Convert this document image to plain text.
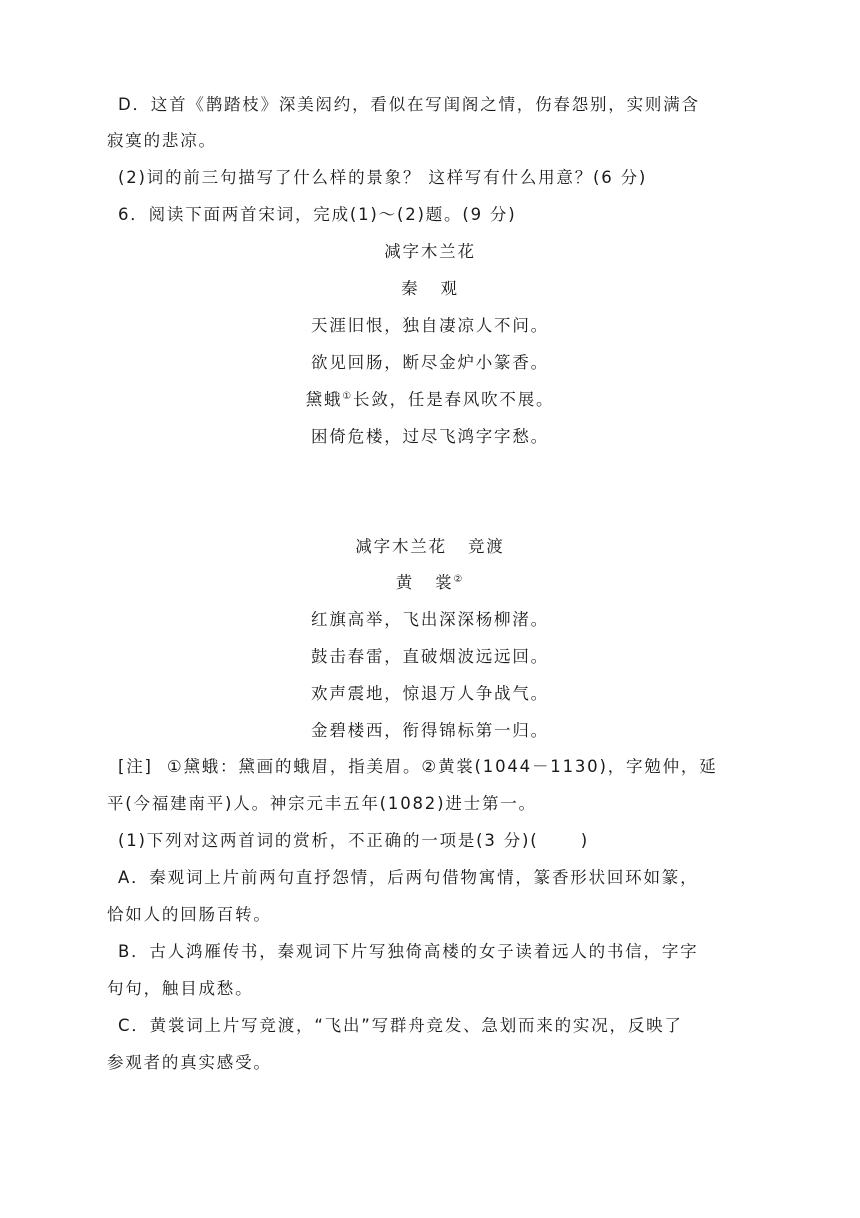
D．这首《鹊踏枝》深美闳约，看似在写闺阁之情，伤春怨别，实则满含
寂寞的悲凉。
(2)词的前三句描写了什么样的景象？ 这样写有什么用意？(6 分)
6．阅读下面两首宋词，完成(1)～(2)题。(9 分)
减字木兰花
秦   观
天涯旧恨，独自凄凉人不问。
欲见回肠，断尽金炉小篆香。
黛蛾①长敛，任是春风吹不展。
困倚危楼，过尽飞鸿字字愁。
减字木兰花   竞渡
黄   裳②
红旗高举，飞出深深杨柳渚。
鼓击春雷，直破烟波远远回。
欢声震地，惊退万人争战气。
金碧楼西，衔得锦标第一归。
[注]  ①黛蛾：黛画的蛾眉，指美眉。②黄裳(1044－1130)，字勉仲，延
平(今福建南平)人。神宗元丰五年(1082)进士第一。
(1)下列对这两首词的赏析，不正确的一项是(3 分)(      )
A．秦观词上片前两句直抒怨情，后两句借物寓情，篆香形状回环如篆，
恰如人的回肠百转。
B．古人鸿雁传书，秦观词下片写独倚高楼的女子读着远人的书信，字字
句句，触目成愁。
C．黄裳词上片写竞渡，“飞出”写群舟竞发、急划而来的实况，反映了
参观者的真实感受。
